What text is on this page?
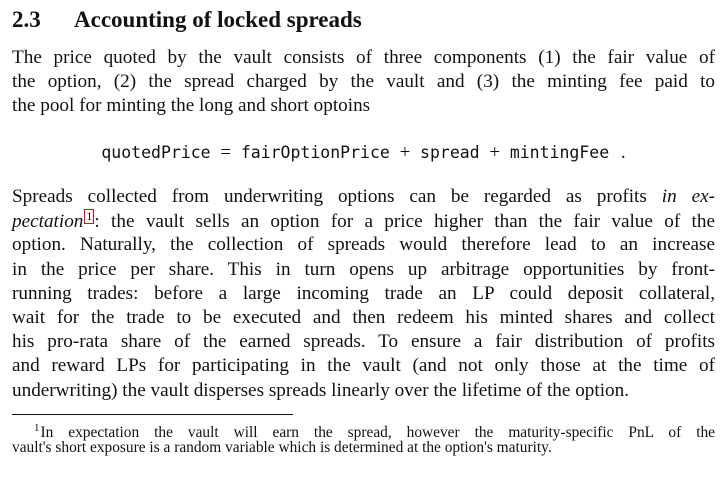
2.3 Accounting of locked spreads
The price quoted by the vault consists of three components (1) the fair value of
the option, (2) the spread charged by the vault and (3) the minting fee paid to
the pool for minting the long and short optoins
quotedPrice = fairOptionPrice + spread + mintingFee .
Spreads collected from underwriting options can be regarded as profits in ex-
pectation 1 : the vault sells an option for a price higher than the fair value of the
option. Naturally, the collection of spreads would therefore lead to an increase
in the price per share. This in turn opens up arbitrage opportunities by front-
running trades: before a large incoming trade an LP could deposit collateral,
wait for the trade to be executed and then redeem his minted shares and collect
his pro-rata share of the earned spreads. To ensure a fair distribution of profits
and reward LPs for participating in the vault (and not only those at the time of
underwriting) the vault disperses spreads linearly over the lifetime of the option.
$^1$In expectation the vault will earn the spread, however the maturity-specific PnL of the
vault's short exposure is a random variable which is determined at the option's maturity.
